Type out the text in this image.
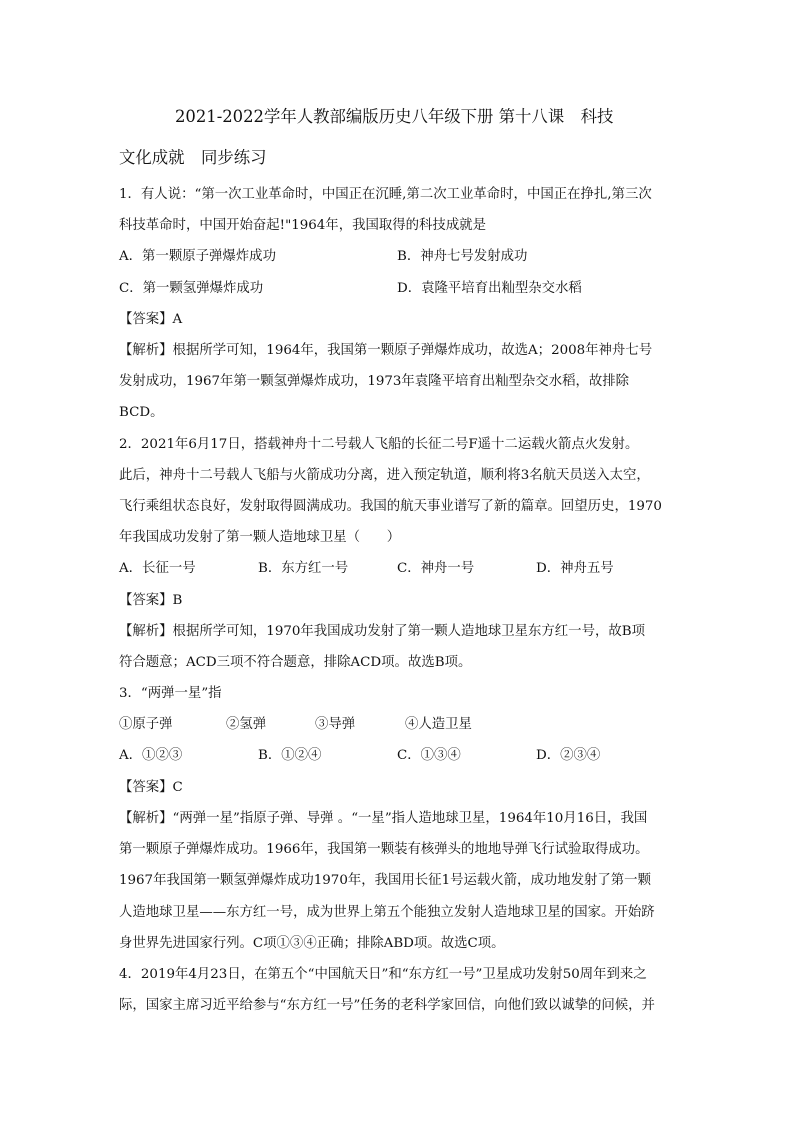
2021-2022学年人教部编版历史八年级下册 第十八课　科技
文化成就　同步练习
1．有人说：“第一次工业革命时，中国正在沉睡,第二次工业革命时，中国正在挣扎,第三次
科技革命时，中国开始奋起!"1964年，我国取得的科技成就是
A．第一颗原子弹爆炸成功	B．神舟七号发射成功
C．第一颗氢弹爆炸成功	D．袁隆平培育出籼型杂交水稻
【答案】A
【解析】根据所学可知，1964年，我国第一颗原子弹爆炸成功，故选A；2008年神舟七号
发射成功，1967年第一颗氢弹爆炸成功，1973年袁隆平培育出籼型杂交水稻，故排除
BCD。
2．2021年6月17日，搭载神舟十二号载人飞船的长征二号F遥十二运载火箭点火发射。
此后，神舟十二号载人飞船与火箭成功分离，进入预定轨道，顺利将3名航天员送入太空，
飞行乘组状态良好，发射取得圆满成功。我国的航天事业谱写了新的篇章。回望历史，1970
年我国成功发射了第一颗人造地球卫星（　　）
A．长征一号	B．东方红一号	C．神舟一号	D．神舟五号
【答案】B
【解析】根据所学可知，1970年我国成功发射了第一颗人造地球卫星东方红一号，故B项
符合题意；ACD三项不符合题意，排除ACD项。故选B项。
3．“两弹一星”指
①原子弹	②氢弹	③导弹	④人造卫星
A．①②③	B．①②④	C．①③④	D．②③④
【答案】C
【解析】“两弹一星”指原子弹、导弹 。“一星”指人造地球卫星，1964年10月16日，我国
第一颗原子弹爆炸成功。1966年，我国第一颗装有核弹头的地地导弹飞行试验取得成功。
1967年我国第一颗氢弹爆炸成功1970年，我国用长征1号运载火箭，成功地发射了第一颗
人造地球卫星——东方红一号，成为世界上第五个能独立发射人造地球卫星的国家。开始跻
身世界先进国家行列。C项①③④正确；排除ABD项。故选C项。
4．2019年4月23日，在第五个“中国航天日”和“东方红一号”卫星成功发射50周年到来之
际，国家主席习近平给参与“东方红一号”任务的老科学家回信，向他们致以诚挚的问候，并
